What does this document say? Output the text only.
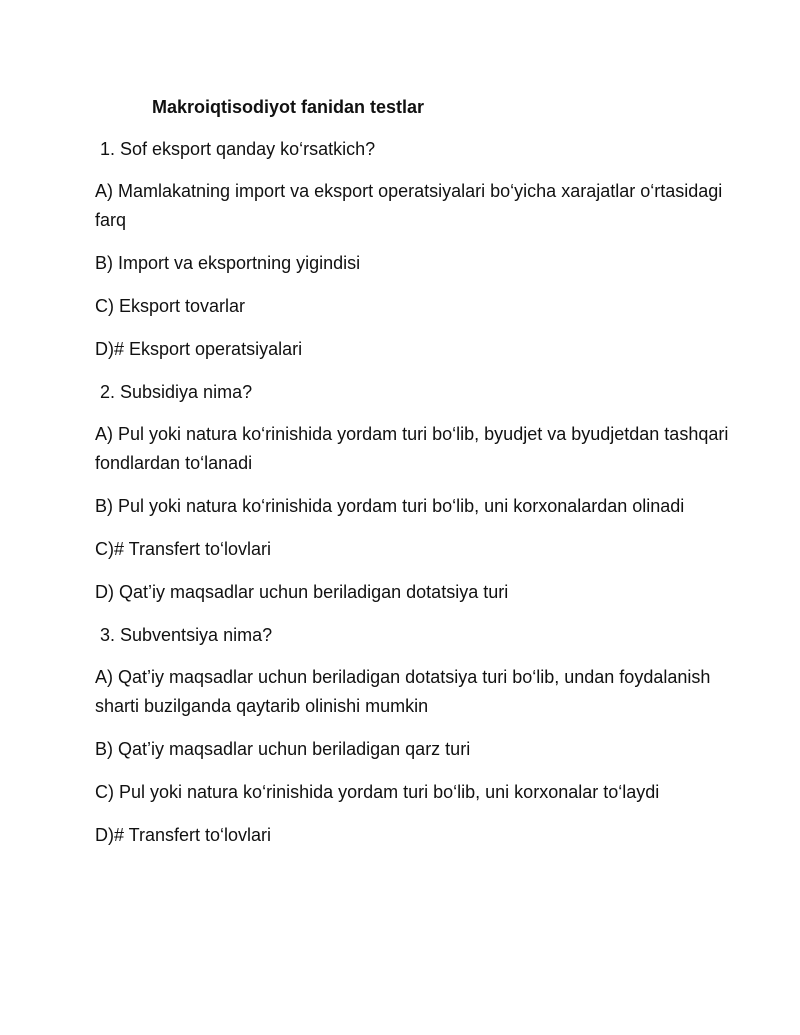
Makroiqtisodiyot fanidan testlar
1. Sof eksport qanday ko‘rsatkich?
A) Mamlakatning import va eksport operatsiyalari bo‘yicha xarajatlar o‘rtasidagi farq
B) Import va eksportning yigindisi
C) Eksport tovarlar
D)# Eksport operatsiyalari
2. Subsidiya nima?
A) Pul yoki natura ko‘rinishida yordam turi bo‘lib, byudjet va byudjetdan tashqari fondlardan to‘lanadi
B) Pul yoki natura ko‘rinishida yordam turi bo‘lib, uni korxonalardan olinadi
C)# Transfert to‘lovlari
D) Qat’iy maqsadlar uchun beriladigan dotatsiya turi
3. Subventsiya nima?
A) Qat’iy maqsadlar uchun beriladigan dotatsiya turi bo‘lib, undan foydalanish sharti buzilganda qaytarib olinishi mumkin
B) Qat’iy maqsadlar uchun beriladigan qarz turi
C) Pul yoki natura ko‘rinishida yordam turi bo‘lib, uni korxonalar to‘laydi
D)# Transfert to‘lovlari
